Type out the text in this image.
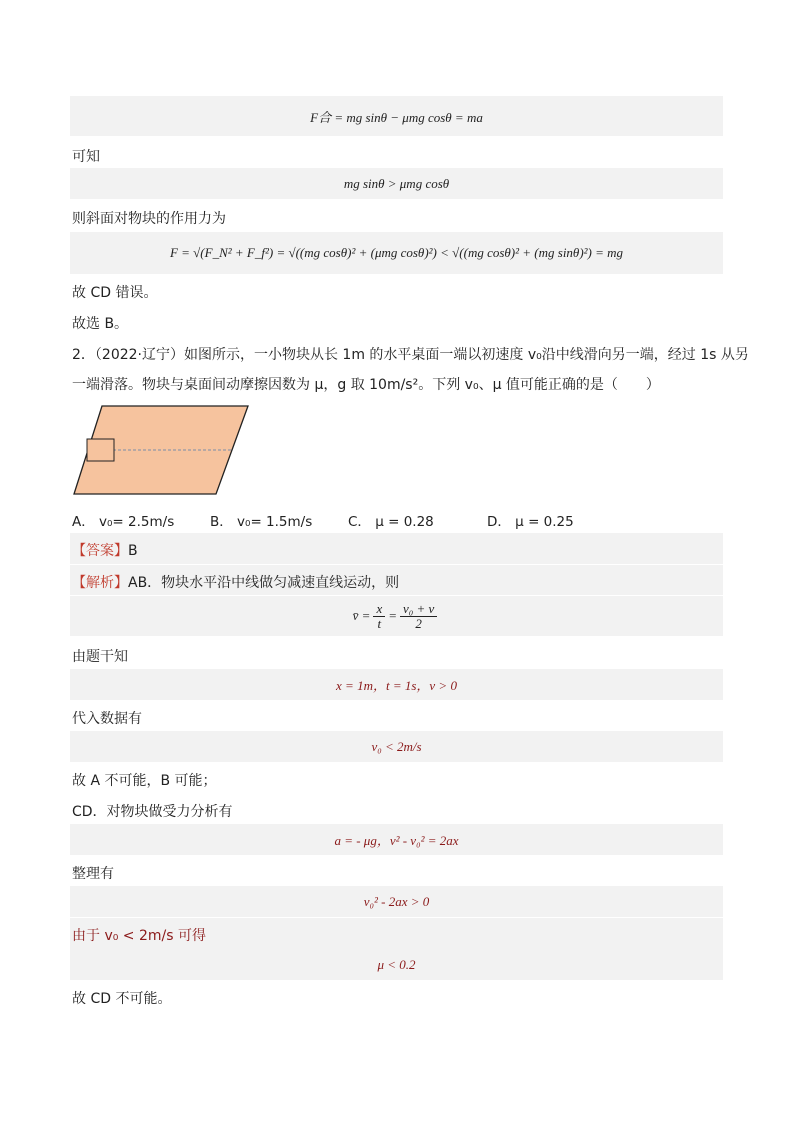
F合 = mg sinθ − μmg cosθ = ma
可知
mg sinθ > μmg cosθ
则斜面对物块的作用力为
F = √(F_N² + F_f²) = √((mg cosθ)² + (μmg cosθ)²) < √((mg cosθ)² + (mg sinθ)²) = mg
故 CD 错误。
故选 B。
2．（2022·辽宁）如图所示，一小物块从长 1m 的水平桌面一端以初速度 v₀沿中线滑向另一端，经过 1s 从另
一端滑落。物块与桌面间动摩擦因数为 μ，g 取 10m/s²。下列 v₀、μ 值可能正确的是（　　）
A． v₀= 2.5m/s	B． v₀= 1.5m/s	C． μ = 0.28	D． μ = 0.25
【答案】B
【解析】AB．物块水平沿中线做匀减速直线运动，则
v̄ = $\frac{x}{t} = \frac{\text{v₀ + v}}{2}$
由题干知
x = 1m，t = 1s，v > 0
代入数据有
v₀ < 2m/s
故 A 不可能，B 可能；
CD．对物块做受力分析有
a = - μg，v² - v₀² = 2ax
整理有
v₀² - 2ax > 0
由于 v₀ < 2m/s 可得
μ < 0.2
故 CD 不可能。
